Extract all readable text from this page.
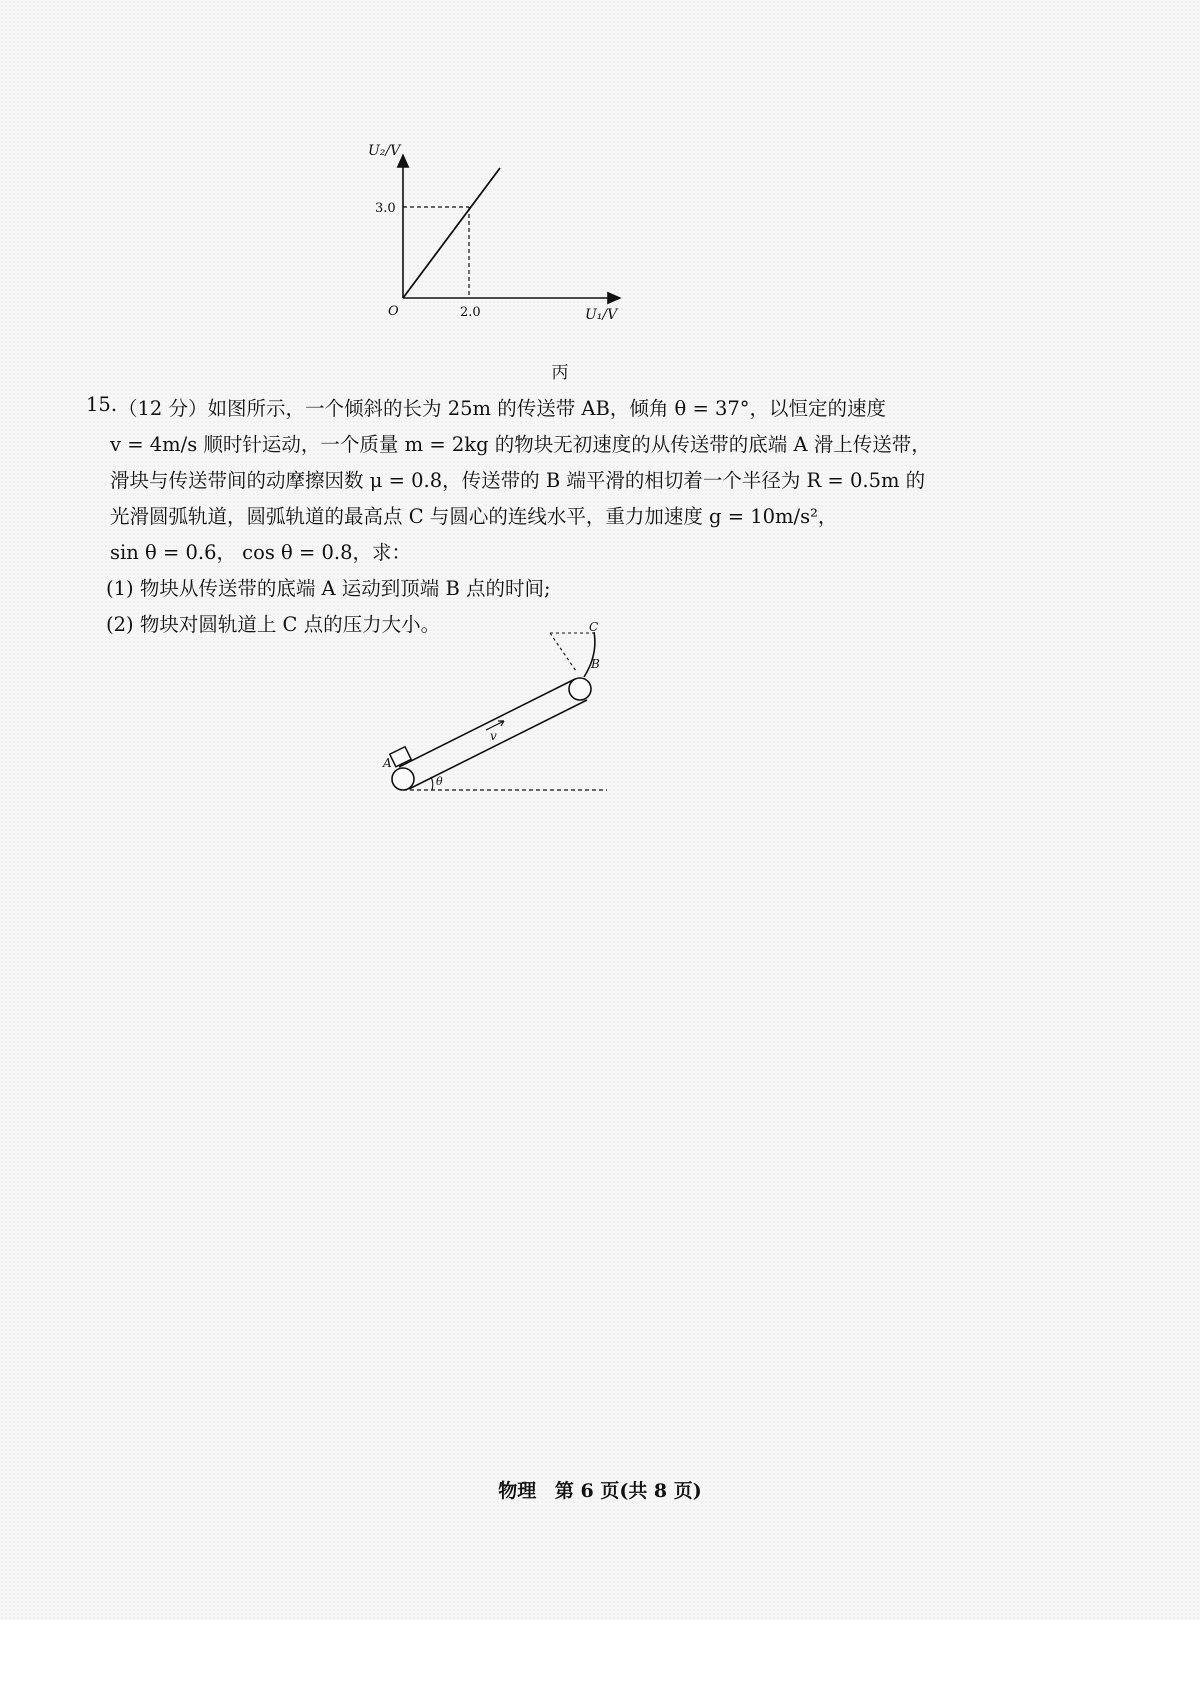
U₂/V
3.0
O	2.0	U₁/V
丙
15. （12 分）如图所示，一个倾斜的长为 25m 的传送带 AB，倾角 θ = 37°，以恒定的速度
v = 4m/s 顺时针运动，一个质量 m = 2kg 的物块无初速度的从传送带的底端 A 滑上传送带，
滑块与传送带间的动摩擦因数 μ = 0.8，传送带的 B 端平滑的相切着一个半径为 R = 0.5m 的
光滑圆弧轨道，圆弧轨道的最高点 C 与圆心的连线水平，重力加速度 g = 10m/s²，
sin θ = 0.6， cos θ = 0.8，求：
(1) 物块从传送带的底端 A 运动到顶端 B 点的时间;
(2) 物块对圆轨道上 C 点的压力大小。
A
B
C
v
θ
物理 第 6 页(共 8 页)
